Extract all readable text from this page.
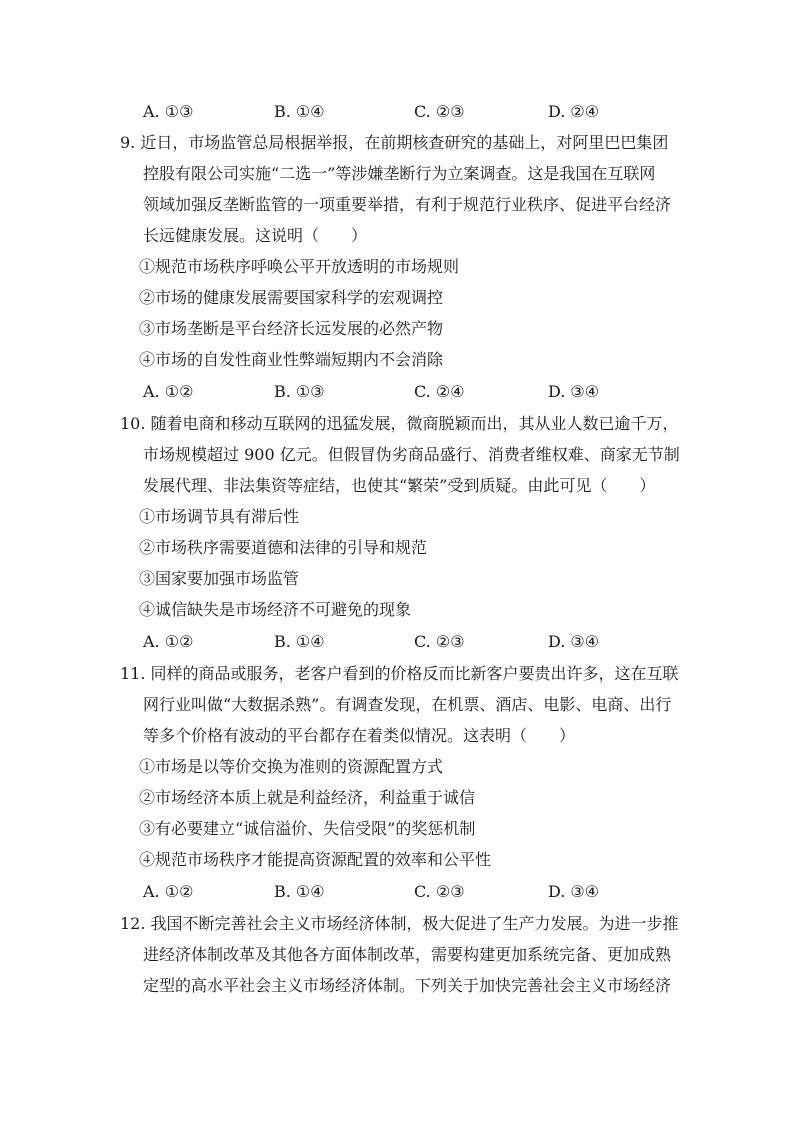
A. ①③	B. ①④	C. ②③	D. ②④
9. 近日，市场监管总局根据举报，在前期核查研究的基础上，对阿里巴巴集团
控股有限公司实施“二选一”等涉嫌垄断行为立案调查。这是我国在互联网
领域加强反垄断监管的一项重要举措，有利于规范行业秩序、促进平台经济
长远健康发展。这说明（　　）
①规范市场秩序呼唤公平开放透明的市场规则
②市场的健康发展需要国家科学的宏观调控
③市场垄断是平台经济长远发展的必然产物
④市场的自发性商业性弊端短期内不会消除
A. ①②	B. ①③	C. ②④	D. ③④
10. 随着电商和移动互联网的迅猛发展，微商脱颖而出，其从业人数已逾千万，
市场规模超过 900 亿元。但假冒伪劣商品盛行、消费者维权难、商家无节制
发展代理、非法集资等症结，也使其“繁荣”受到质疑。由此可见（　　）
①市场调节具有滞后性
②市场秩序需要道德和法律的引导和规范
③国家要加强市场监管
④诚信缺失是市场经济不可避免的现象
A. ①②	B. ①④	C. ②③	D. ③④
11. 同样的商品或服务，老客户看到的价格反而比新客户要贵出许多，这在互联
网行业叫做“大数据杀熟”。有调查发现，在机票、酒店、电影、电商、出行
等多个价格有波动的平台都存在着类似情况。这表明（　　）
①市场是以等价交换为准则的资源配置方式
②市场经济本质上就是利益经济，利益重于诚信
③有必要建立“诚信溢价、失信受限”的奖惩机制
④规范市场秩序才能提高资源配置的效率和公平性
A. ①②	B. ①④	C. ②③	D. ③④
12. 我国不断完善社会主义市场经济体制，极大促进了生产力发展。为进一步推
进经济体制改革及其他各方面体制改革，需要构建更加系统完备、更加成熟
定型的高水平社会主义市场经济体制。下列关于加快完善社会主义市场经济
